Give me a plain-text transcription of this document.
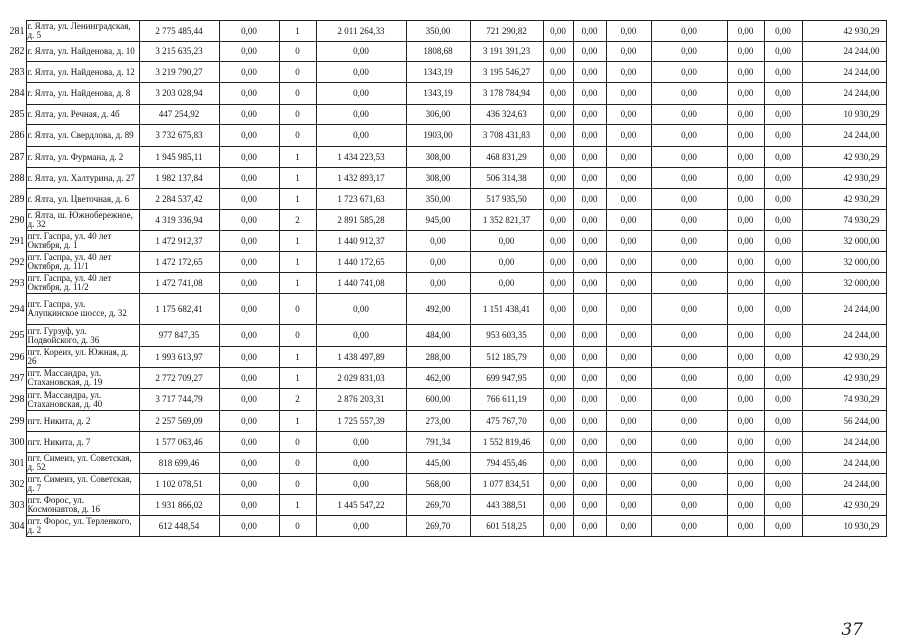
281	г. Ялта, ул. Ленинградская, д. 5	2 775 485,44	0,00	1	2 011 264,33	350,00	721 290,82	0,00	0,00	0,00	0,00	0,00	0,00	42 930,29
282	г. Ялта, ул. Найденова, д. 10	3 215 635,23	0,00	0	0,00	1808,68	3 191 391,23	0,00	0,00	0,00	0,00	0,00	0,00	24 244,00
283	г. Ялта, ул. Найденова, д. 12	3 219 790,27	0,00	0	0,00	1343,19	3 195 546,27	0,00	0,00	0,00	0,00	0,00	0,00	24 244,00
284	г. Ялта, ул. Найденова, д. 8	3 203 028,94	0,00	0	0,00	1343,19	3 178 784,94	0,00	0,00	0,00	0,00	0,00	0,00	24 244,00
285	г. Ялта, ул. Речная, д. 4б	447 254,92	0,00	0	0,00	306,00	436 324,63	0,00	0,00	0,00	0,00	0,00	0,00	10 930,29
286	г. Ялта, ул. Свердлова, д. 89	3 732 675,83	0,00	0	0,00	1903,00	3 708 431,83	0,00	0,00	0,00	0,00	0,00	0,00	24 244,00
287	г. Ялта, ул. Фурмана, д. 2	1 945 985,11	0,00	1	1 434 223,53	308,00	468 831,29	0,00	0,00	0,00	0,00	0,00	0,00	42 930,29
288	г. Ялта, ул. Халтурина, д. 27	1 982 137,84	0,00	1	1 432 893,17	308,00	506 314,38	0,00	0,00	0,00	0,00	0,00	0,00	42 930,29
289	г. Ялта, ул. Цветочная, д. 6	2 284 537,42	0,00	1	1 723 671,63	350,00	517 935,50	0,00	0,00	0,00	0,00	0,00	0,00	42 930,29
290	г. Ялта, ш. Южнобережное, д. 32	4 319 336,94	0,00	2	2 891 585,28	945,00	1 352 821,37	0,00	0,00	0,00	0,00	0,00	0,00	74 930,29
291	пгт. Гаспра, ул. 40 лет Октября, д. 1	1 472 912,37	0,00	1	1 440 912,37	0,00	0,00	0,00	0,00	0,00	0,00	0,00	0,00	32 000,00
292	пгт. Гаспра, ул. 40 лет Октября, д. 11/1	1 472 172,65	0,00	1	1 440 172,65	0,00	0,00	0,00	0,00	0,00	0,00	0,00	0,00	32 000,00
293	пгт. Гаспра, ул. 40 лет Октября, д. 11/2	1 472 741,08	0,00	1	1 440 741,08	0,00	0,00	0,00	0,00	0,00	0,00	0,00	0,00	32 000,00
294	пгт. Гаспра, ул. Алупкинское шоссе, д. 32	1 175 682,41	0,00	0	0,00	492,00	1 151 438,41	0,00	0,00	0,00	0,00	0,00	0,00	24 244,00
295	пгт. Гурзуф, ул. Подвойского, д. 36	977 847,35	0,00	0	0,00	484,00	953 603,35	0,00	0,00	0,00	0,00	0,00	0,00	24 244,00
296	пгт. Кореиз, ул. Южная, д. 26	1 993 613,97	0,00	1	1 438 497,89	288,00	512 185,79	0,00	0,00	0,00	0,00	0,00	0,00	42 930,29
297	пгт. Массандра, ул. Стахановская, д. 19	2 772 709,27	0,00	1	2 029 831,03	462,00	699 947,95	0,00	0,00	0,00	0,00	0,00	0,00	42 930,29
298	пгт. Массандра, ул. Стахановская, д. 40	3 717 744,79	0,00	2	2 876 203,31	600,00	766 611,19	0,00	0,00	0,00	0,00	0,00	0,00	74 930,29
299	пгт. Никита, д. 2	2 257 569,09	0,00	1	1 725 557,39	273,00	475 767,70	0,00	0,00	0,00	0,00	0,00	0,00	56 244,00
300	пгт. Никита, д. 7	1 577 063,46	0,00	0	0,00	791,34	1 552 819,46	0,00	0,00	0,00	0,00	0,00	0,00	24 244,00
301	пгт. Симеиз, ул. Советская, д. 52	818 699,46	0,00	0	0,00	445,00	794 455,46	0,00	0,00	0,00	0,00	0,00	0,00	24 244,00
302	пгт. Симеиз, ул. Советская, д. 7	1 102 078,51	0,00	0	0,00	568,00	1 077 834,51	0,00	0,00	0,00	0,00	0,00	0,00	24 244,00
303	пгт. Форос, ул. Космонавтов, д. 16	1 931 866,02	0,00	1	1 445 547,22	269,70	443 388,51	0,00	0,00	0,00	0,00	0,00	0,00	42 930,29
304	пгт. Форос, ул. Терленкого, д. 2	612 448,54	0,00	0	0,00	269,70	601 518,25	0,00	0,00	0,00	0,00	0,00	0,00	10 930,29
37
